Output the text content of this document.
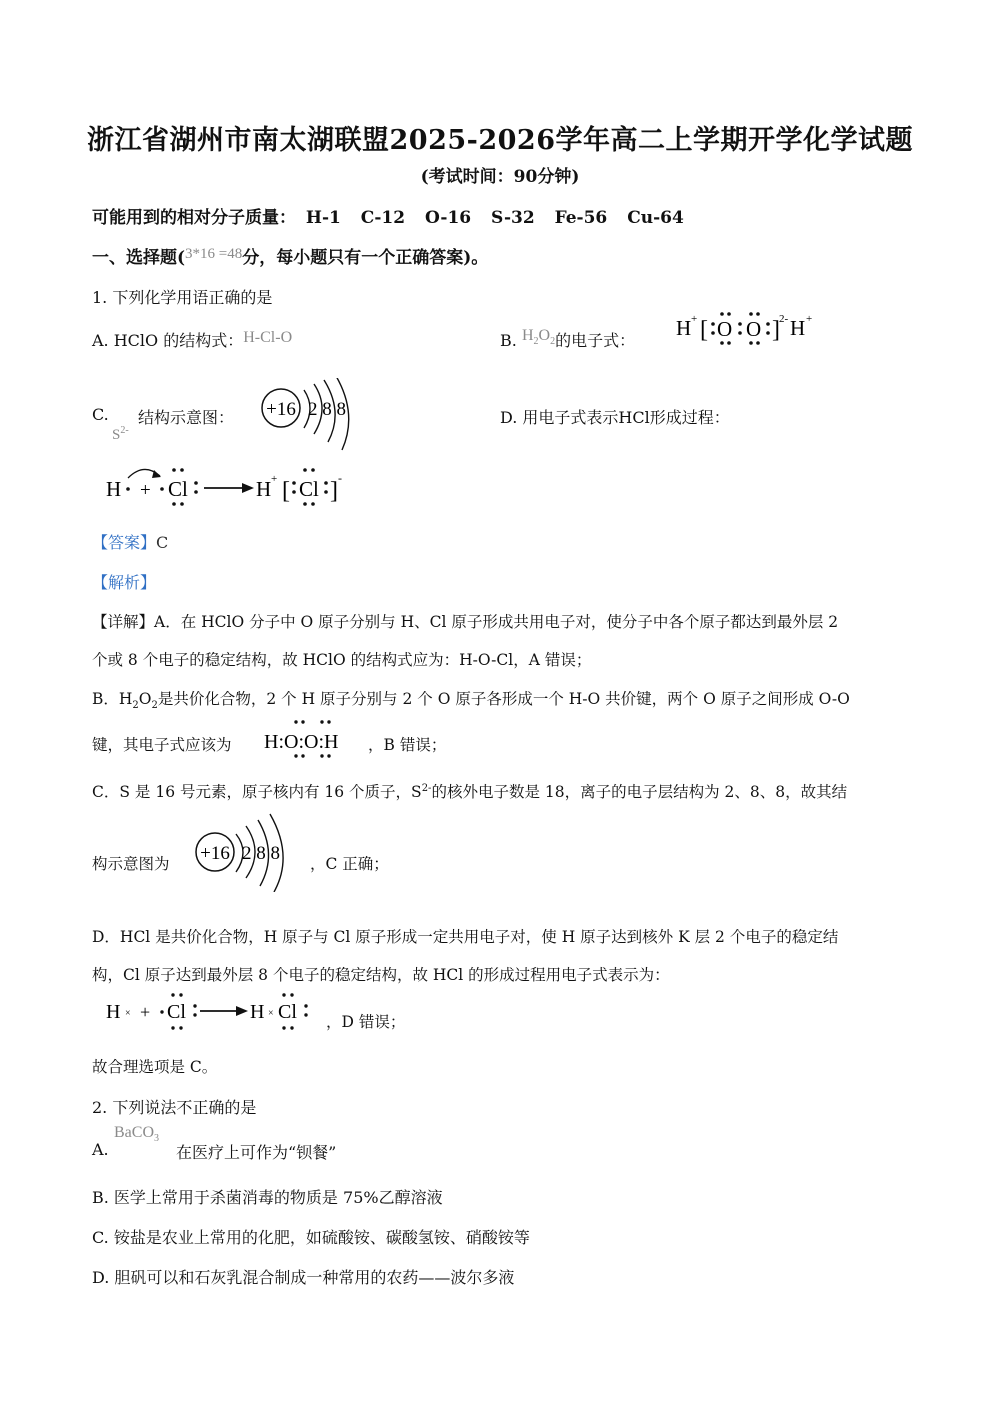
浙江省湖州市南太湖联盟2025-2026学年高二上学期开学化学试题
(考试时间：90分钟)
可能用到的相对分子质量： H-1 C-12 O-16 S-32 Fe-56 Cu-64
一、选择题(3*16 =48分，每小题只有一个正确答案)。
1. 下列化学用语正确的是
A. HClO 的结构式：H-Cl-O	B. $H_2O_2$的电子式：
H + [ O O ] 2- H +
C.
$S^{2-}$
结构示意图： +16 2 8 8	D. 用电子式表示HCl形成过程：
H + Cl	H + [ Cl ] -
【答案】C
【解析】
【详解】A．在 HClO 分子中 O 原子分别与 H、Cl 原子形成共用电子对，使分子中各个原子都达到最外层 2
个或 8 个电子的稳定结构，故 HClO 的结构式应为：H-O-Cl，A 错误；
B．$H_2O_2$是共价化合物，2 个 H 原子分别与 2 个 O 原子各形成一个 H-O 共价键，两个 O 原子之间形成 O-O
键，其电子式应该为 H:O:O:H ，B 错误；
C．S 是 16 号元素，原子核内有 16 个质子，$S^{2-}$的核外电子数是 18，离子的电子层结构为 2、8、8，故其结
构示意图为 +16 2 8 8 ，C 正确；
D．HCl 是共价化合物，H 原子与 Cl 原子形成一定共用电子对，使 H 原子达到核外 K 层 2 个电子的稳定结
构，Cl 原子达到最外层 8 个电子的稳定结构，故 HCl 的形成过程用电子式表示为：
H × + Cl	H × Cl ，D 错误；
故合理选项是 C。
2. 下列说法不正确的是
A.
BaCO$_3$
在医疗上可作为“钡餐”
B. 医学上常用于杀菌消毒的物质是 75%乙醇溶液
C. 铵盐是农业上常用的化肥，如硫酸铵、碳酸氢铵、硝酸铵等
D. 胆矾可以和石灰乳混合制成一种常用的农药——波尔多液
